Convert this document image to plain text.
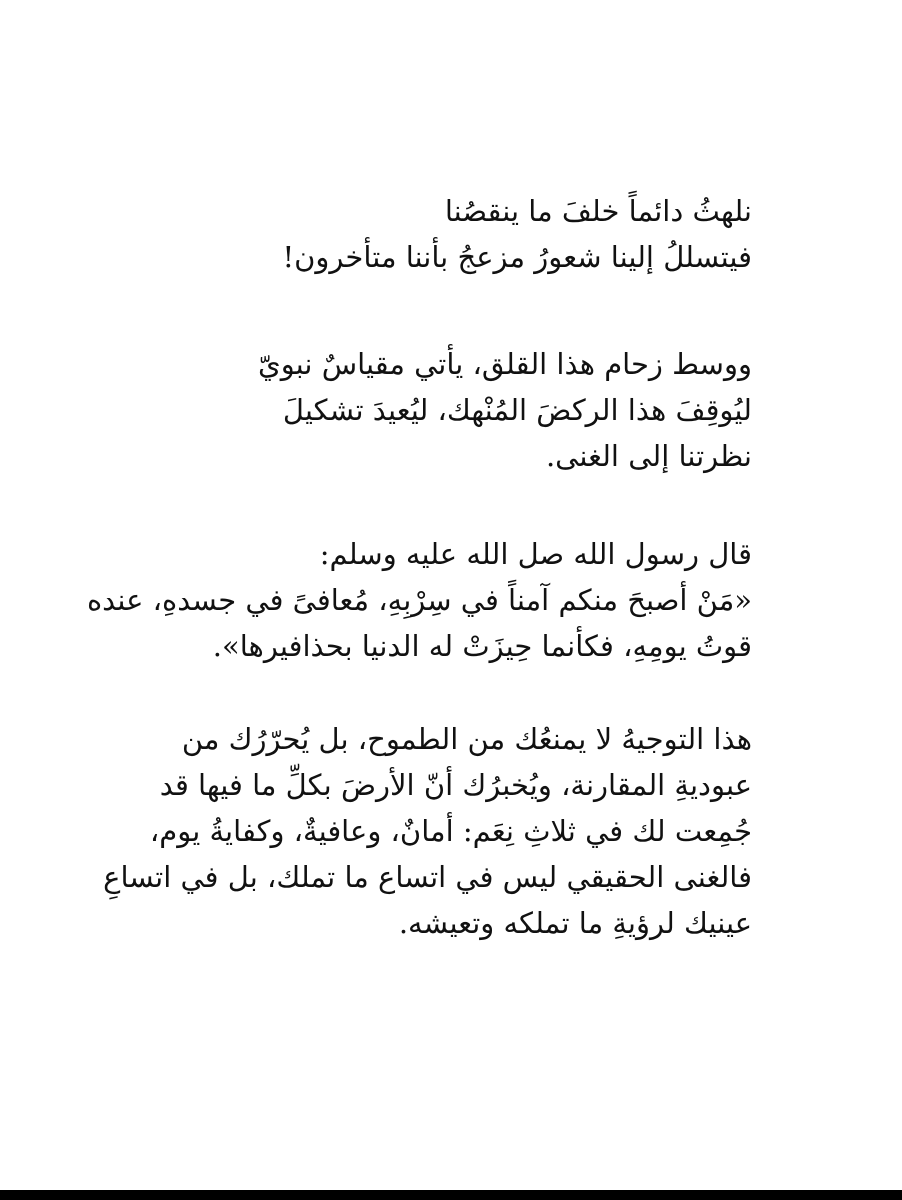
نلهثُ دائماً خلفَ ما ينقصُنا
فيتسللُ إلينا شعورُ مزعجُ بأننا متأخرون!
ووسط زحام هذا القلق، يأتي مقياسٌ نبويّ
ليُوقِفَ هذا الركضَ المُنْهك، ليُعيدَ تشكيلَ
نظرتنا إلى الغنى.
قال رسول الله صل الله عليه وسلم:
«مَنْ أصبحَ منكم آمناً في سِرْبِهِ، مُعافىً في جسدهِ، عنده
قوتُ يومِهِ، فكأنما حِيزَتْ له الدنيا بحذافيرها».
هذا التوجيهُ لا يمنعُك من الطموح، بل يُحرّرُك من
عبوديةِ المقارنة، ويُخبرُك أنّ الأرضَ بكلِّ ما فيها قد
جُمِعت لك في ثلاثِ نِعَم: أمانٌ، وعافيةٌ، وكفايةُ يوم،
فالغنى الحقيقي ليس في اتساع ما تملك، بل في اتساعِ
عينيك لرؤيةِ ما تملكه وتعيشه.
